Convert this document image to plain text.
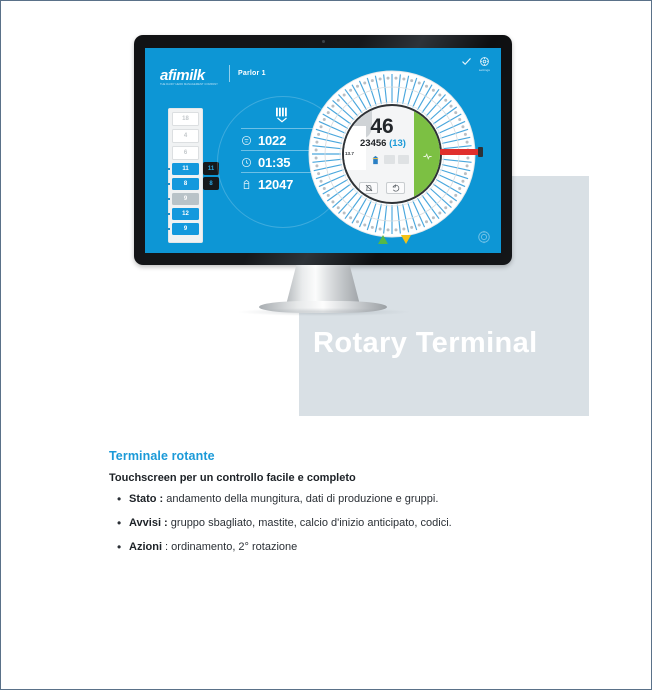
Rotary Terminal
afimilk
THE DAIRY HERD MANAGEMENT COMPANY
Parlor 1	settings
18
4
6
11	11
8	8
9
12
9
1022
01:35
12047
46
23456 (13)
13.7
Terminale rotante
Touchscreen per un controllo facile e completo
• Stato : andamento della mungitura, dati di produzione e gruppi.
• Avvisi : gruppo sbagliato, mastite, calcio d'inizio anticipato, codici.
• Azioni : ordinamento, 2° rotazione
